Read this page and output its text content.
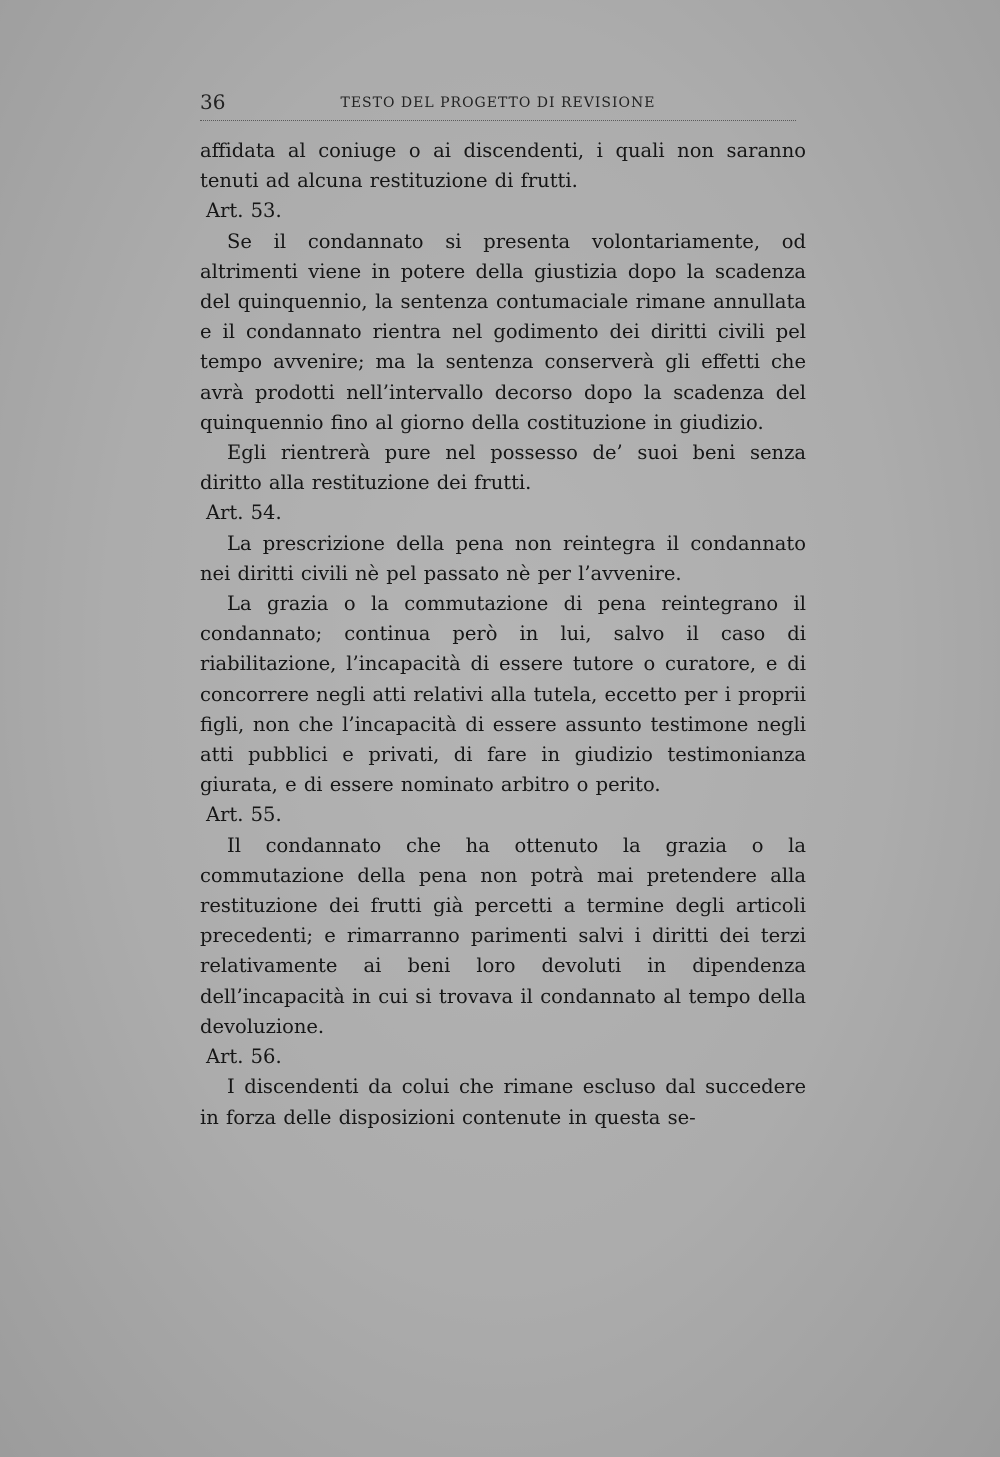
36	TESTO DEL PROGETTO DI REVISIONE

affidata al coniuge o ai discendenti, i quali non saranno tenuti ad alcuna restituzione di frutti.

Art. 53.

Se il condannato si presenta volontariamente, od altrimenti viene in potere della giustizia dopo la scadenza del quinquennio, la sentenza contumaciale rimane annullata e il condannato rientra nel godimento dei diritti civili pel tempo avvenire; ma la sentenza conserverà gli effetti che avrà prodotti nell’intervallo decorso dopo la scadenza del quinquennio fino al giorno della costituzione in giudizio.

Egli rientrerà pure nel possesso de’ suoi beni senza diritto alla restituzione dei frutti.

Art. 54.

La prescrizione della pena non reintegra il condannato nei diritti civili nè pel passato nè per l’avvenire.

La grazia o la commutazione di pena reintegrano il condannato; continua però in lui, salvo il caso di riabilitazione, l’incapacità di essere tutore o curatore, e di concorrere negli atti relativi alla tutela, eccetto per i proprii figli, non che l’incapacità di essere assunto testimone negli atti pubblici e privati, di fare in giudizio testimonianza giurata, e di essere nominato arbitro o perito.

Art. 55.

Il condannato che ha ottenuto la grazia o la commutazione della pena non potrà mai pretendere alla restituzione dei frutti già percetti a termine degli articoli precedenti; e rimarranno parimenti salvi i diritti dei terzi relativamente ai beni loro devoluti in dipendenza dell’incapacità in cui si trovava il condannato al tempo della devoluzione.

Art. 56.

I discendenti da colui che rimane escluso dal succedere in forza delle disposizioni contenute in questa se-
